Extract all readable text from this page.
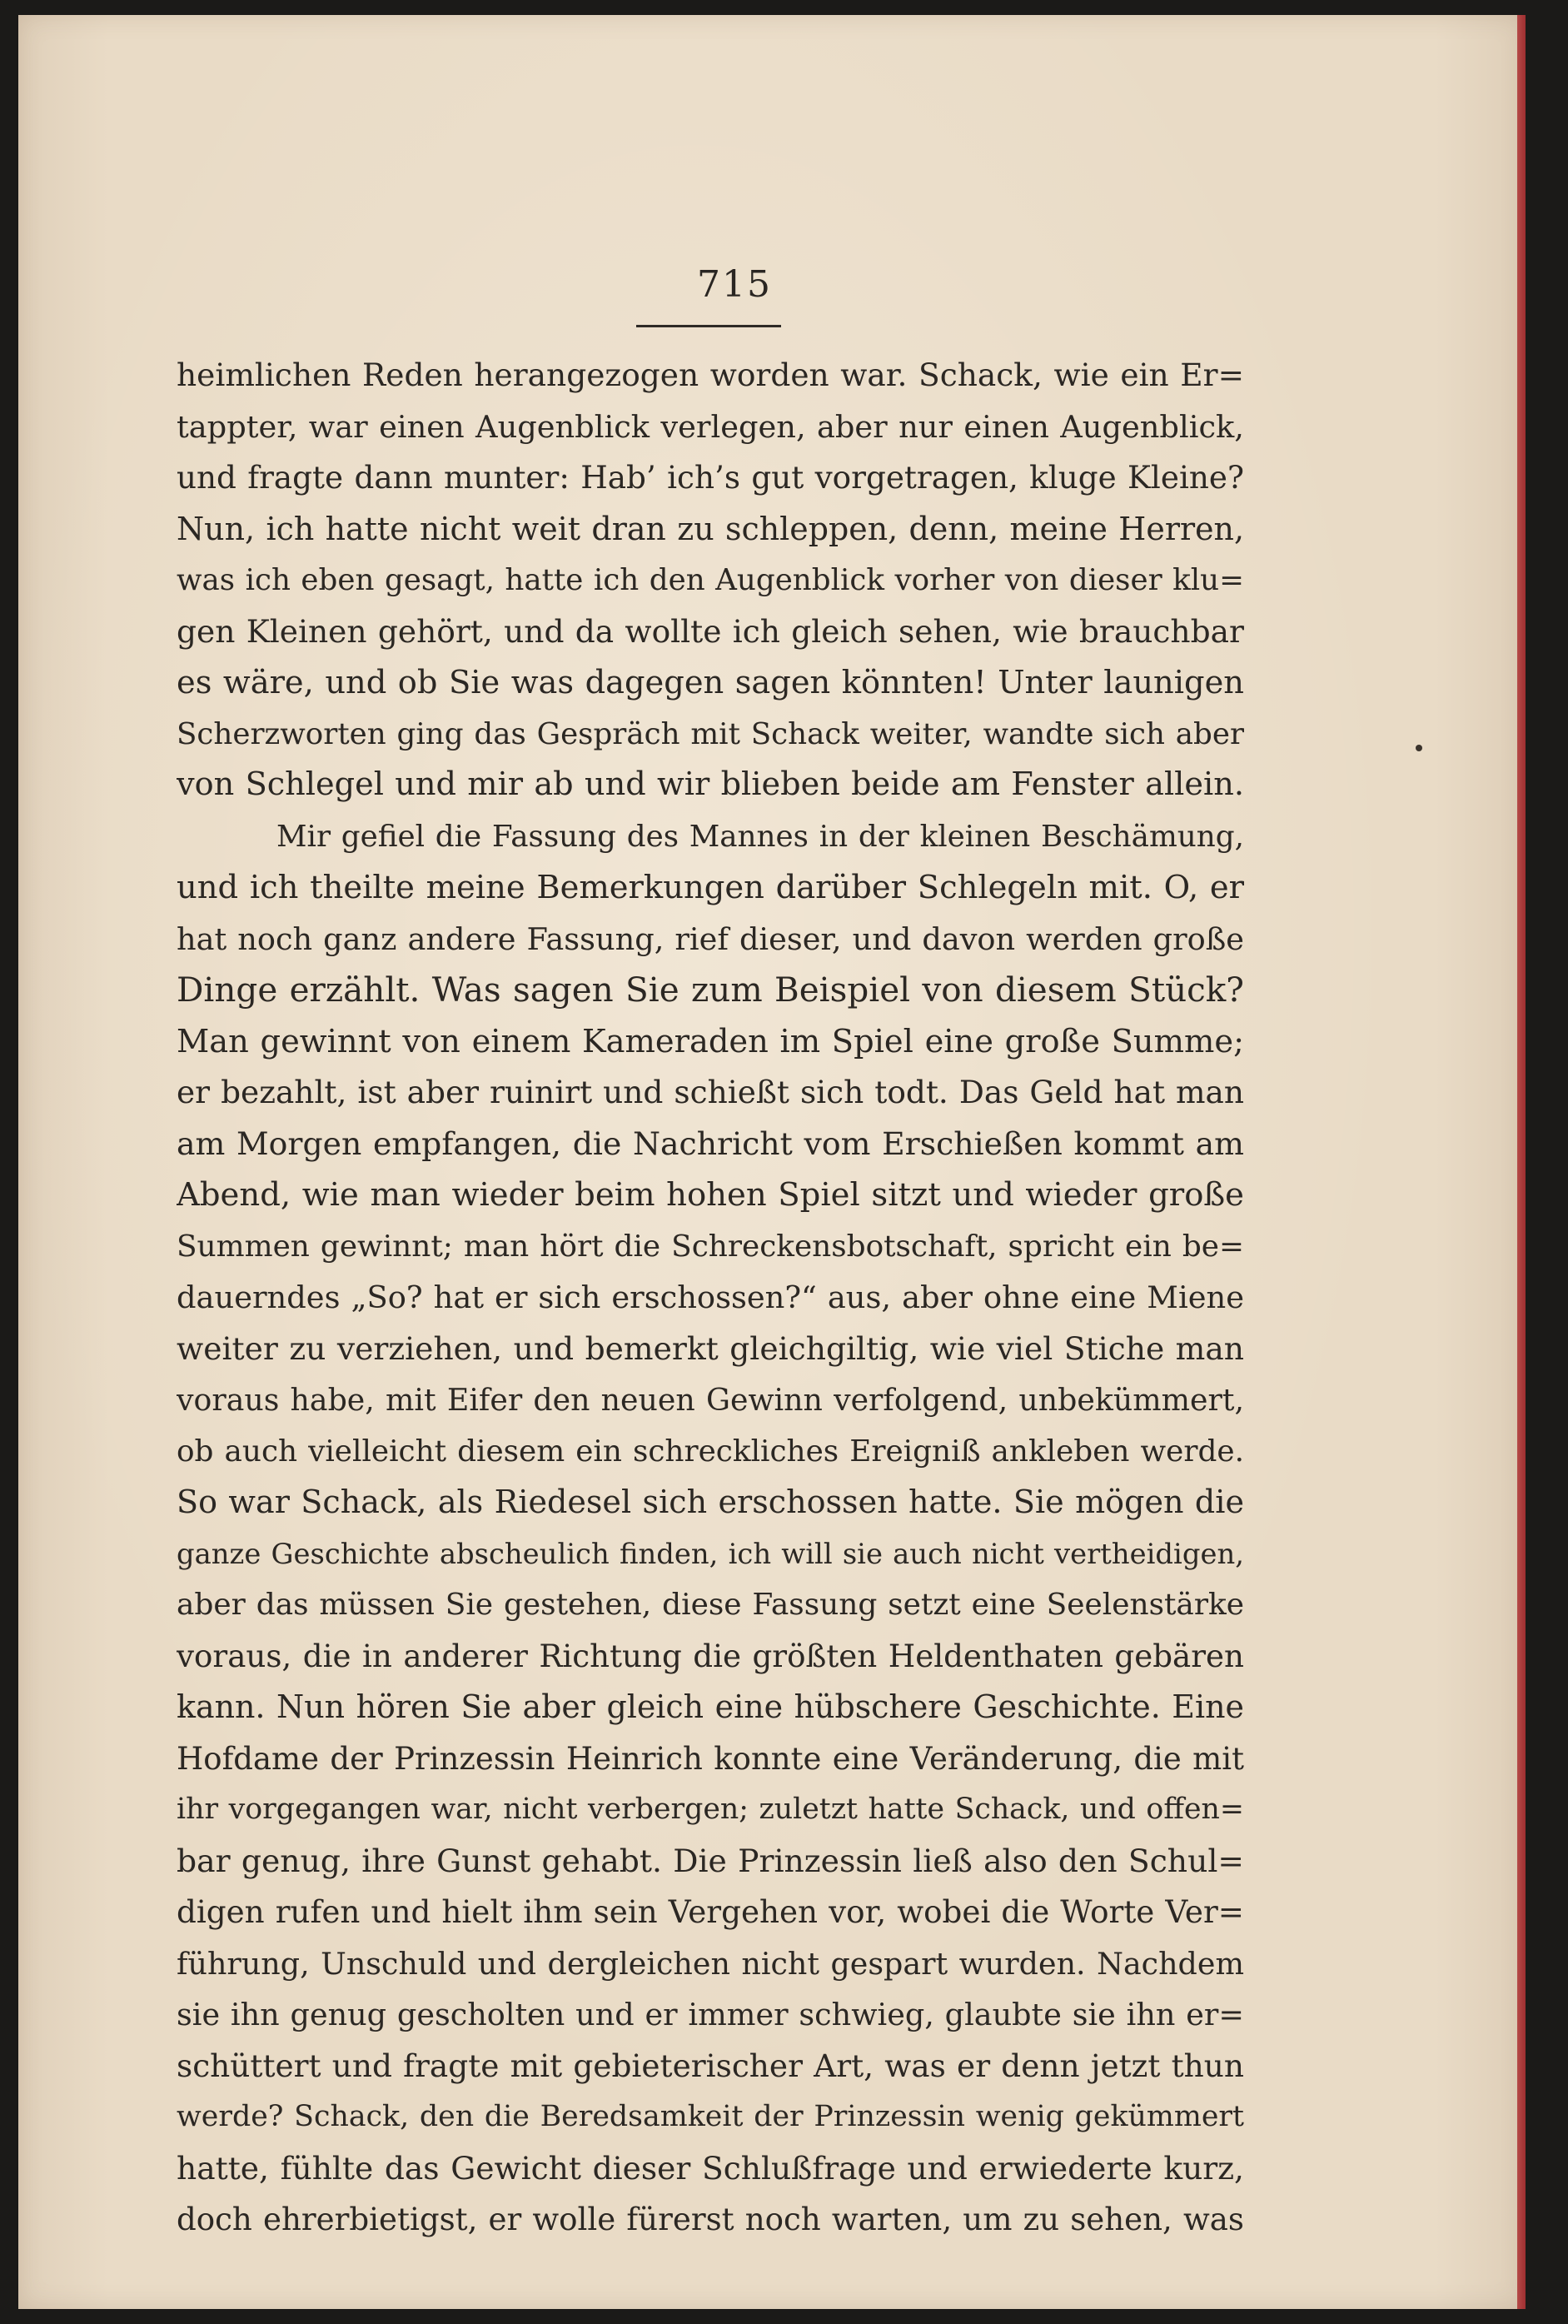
715
heimlichen Reden herangezogen worden war. Schack, wie ein Er=
tappter, war einen Augenblick verlegen, aber nur einen Augenblick,
und fragte dann munter: Hab’ ich’s gut vorgetragen, kluge Kleine?
Nun, ich hatte nicht weit dran zu schleppen, denn, meine Herren,
was ich eben gesagt, hatte ich den Augenblick vorher von dieser klu=
gen Kleinen gehört, und da wollte ich gleich sehen, wie brauchbar
es wäre, und ob Sie was dagegen sagen könnten! Unter launigen
Scherzworten ging das Gespräch mit Schack weiter, wandte sich aber
von Schlegel und mir ab und wir blieben beide am Fenster allein.
Mir gefiel die Fassung des Mannes in der kleinen Beschämung,
und ich theilte meine Bemerkungen darüber Schlegeln mit. O, er
hat noch ganz andere Fassung, rief dieser, und davon werden große
Dinge erzählt. Was sagen Sie zum Beispiel von diesem Stück?
Man gewinnt von einem Kameraden im Spiel eine große Summe;
er bezahlt, ist aber ruinirt und schießt sich todt. Das Geld hat man
am Morgen empfangen, die Nachricht vom Erschießen kommt am
Abend, wie man wieder beim hohen Spiel sitzt und wieder große
Summen gewinnt; man hört die Schreckensbotschaft, spricht ein be=
dauerndes „So? hat er sich erschossen?“ aus, aber ohne eine Miene
weiter zu verziehen, und bemerkt gleichgiltig, wie viel Stiche man
voraus habe, mit Eifer den neuen Gewinn verfolgend, unbekümmert,
ob auch vielleicht diesem ein schreckliches Ereigniß ankleben werde.
So war Schack, als Riedesel sich erschossen hatte. Sie mögen die
ganze Geschichte abscheulich finden, ich will sie auch nicht vertheidigen,
aber das müssen Sie gestehen, diese Fassung setzt eine Seelenstärke
voraus, die in anderer Richtung die größten Heldenthaten gebären
kann. Nun hören Sie aber gleich eine hübschere Geschichte. Eine
Hofdame der Prinzessin Heinrich konnte eine Veränderung, die mit
ihr vorgegangen war, nicht verbergen; zuletzt hatte Schack, und offen=
bar genug, ihre Gunst gehabt. Die Prinzessin ließ also den Schul=
digen rufen und hielt ihm sein Vergehen vor, wobei die Worte Ver=
führung, Unschuld und dergleichen nicht gespart wurden. Nachdem
sie ihn genug gescholten und er immer schwieg, glaubte sie ihn er=
schüttert und fragte mit gebieterischer Art, was er denn jetzt thun
werde? Schack, den die Beredsamkeit der Prinzessin wenig gekümmert
hatte, fühlte das Gewicht dieser Schlußfrage und erwiederte kurz,
doch ehrerbietigst, er wolle fürerst noch warten, um zu sehen, was
